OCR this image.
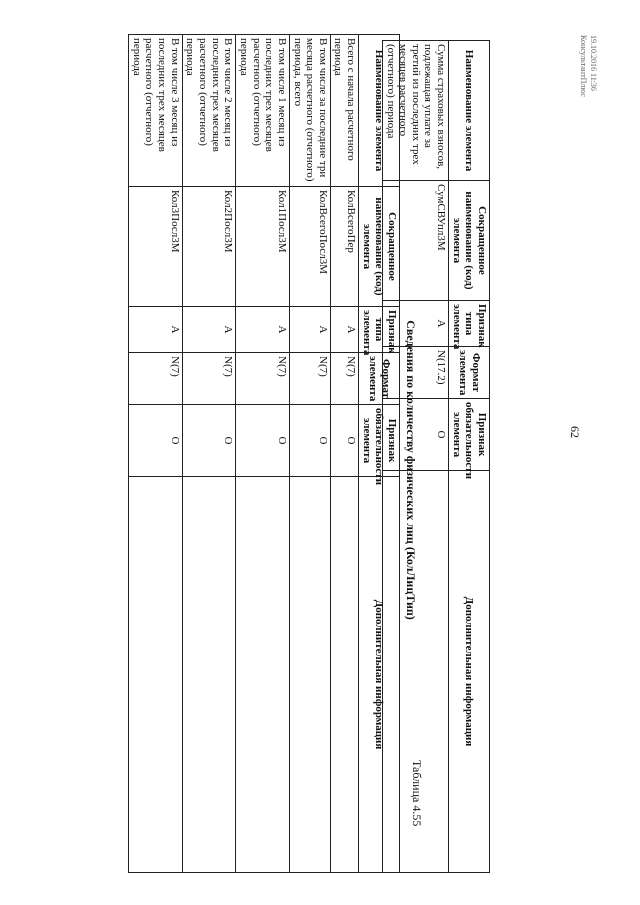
62
Наименование элемента	Сокращенное наименование (код) элемента	Признак типа элемента	Формат элемента	Признак обязательности элемента	Дополнительная информация
Сумма страховых взносов, подлежащая уплате за третий из последних трех месяцев расчетного (отчетного) периода	СумСВУпл3М	А	N(17.2)	О	
Сведения по количеству физических лиц (КолЛицТип)
Таблица 4.55
Наименование элемента	Сокращенное наименование (код) элемента	Признак типа элемента	Формат элемента	Признак обязательности элемента	Дополнительная информация
Всего с начала расчетного периода	КолВсегоПер	А	N(7)	О	
В том числе за последние три месяца расчетного (отчетного) периода, всего	КолВсегоПосл3М	А	N(7)	О	
В том числе 1 месяц из последних трех месяцев расчетного (отчетного) периода	Кол1Посл3М	А	N(7)	О	
В том числе 2 месяц из последних трех месяцев расчетного (отчетного) периода	Кол2Посл3М	А	N(7)	О	
В том числе 3 месяц из последних трех месяцев расчетного (отчетного) периода	Кол3Посл3М	А	N(7)	О	
19.10.2016 11:36
КонсультантПлюс
